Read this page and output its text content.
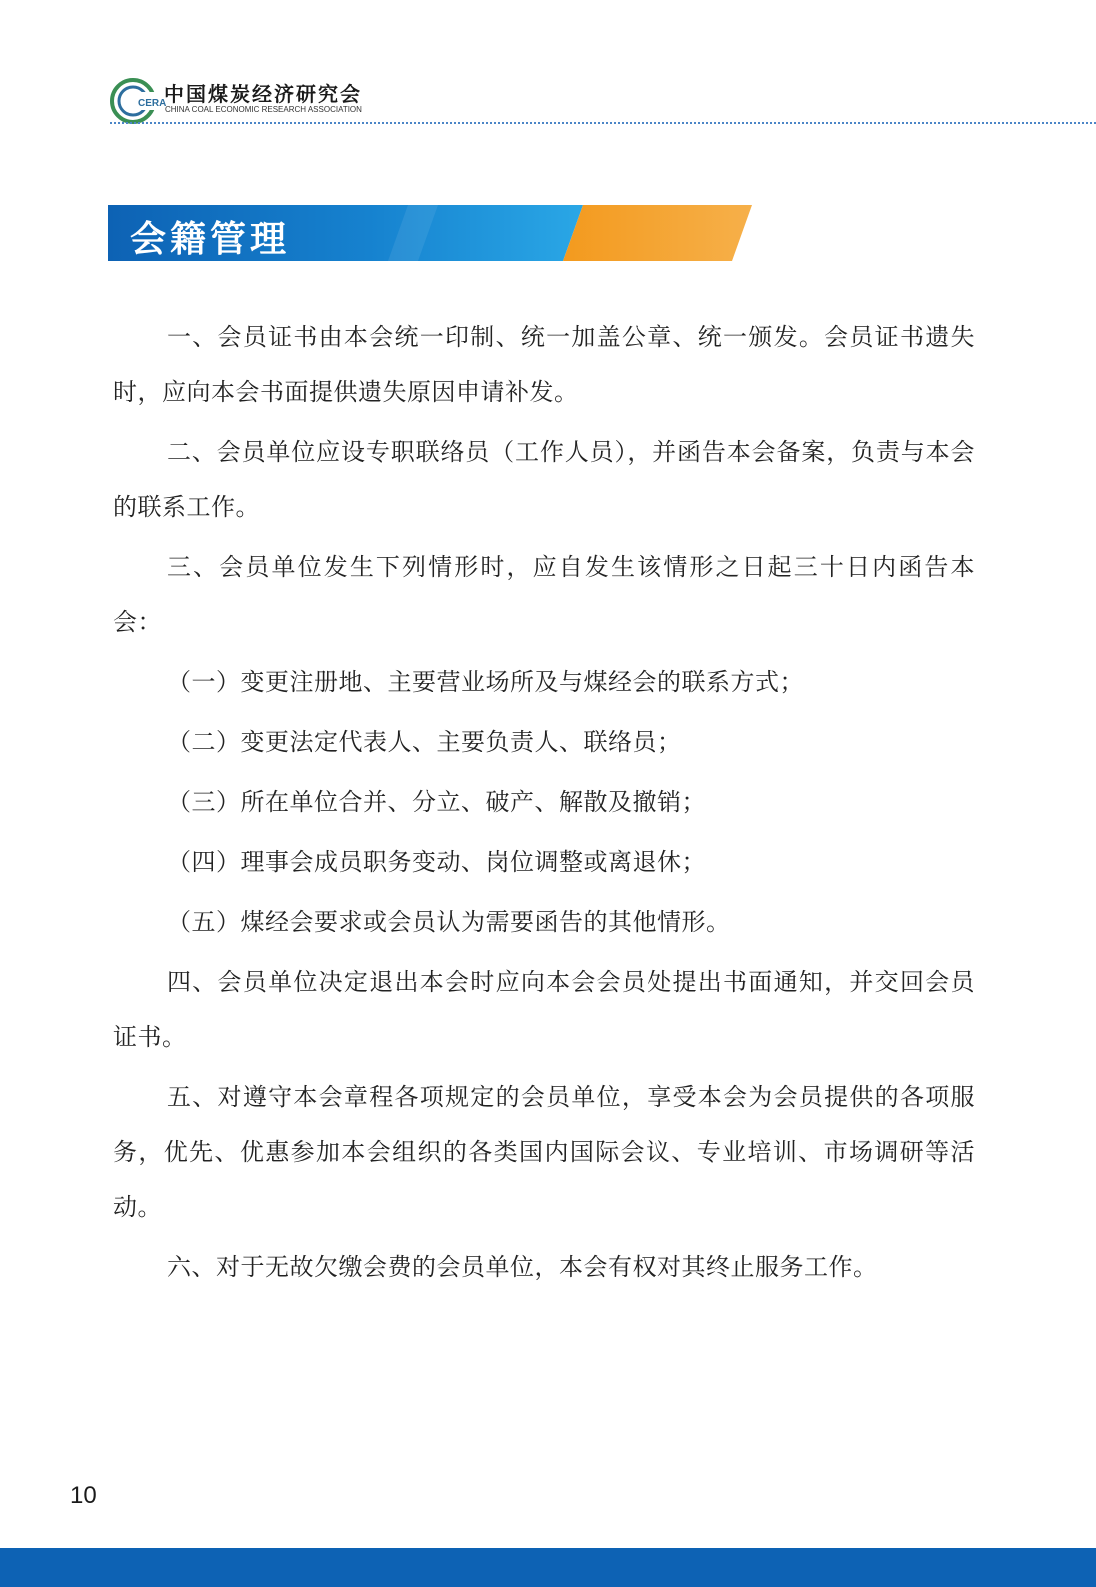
CERA
中国煤炭经济研究会
CHINA COAL ECONOMIC RESEARCH ASSOCIATION
会籍管理

一、会员证书由本会统一印制、统一加盖公章、统一颁发。会员证书遗失时，应向本会书面提供遗失原因申请补发。

二、会员单位应设专职联络员（工作人员），并函告本会备案，负责与本会的联系工作。

三、会员单位发生下列情形时，应自发生该情形之日起三十日内函告本会：

（一）变更注册地、主要营业场所及与煤经会的联系方式；

（二）变更法定代表人、主要负责人、联络员；

（三）所在单位合并、分立、破产、解散及撤销；

（四）理事会成员职务变动、岗位调整或离退休；

（五）煤经会要求或会员认为需要函告的其他情形。

四、会员单位决定退出本会时应向本会会员处提出书面通知，并交回会员证书。

五、对遵守本会章程各项规定的会员单位，享受本会为会员提供的各项服务，优先、优惠参加本会组织的各类国内国际会议、专业培训、市场调研等活动。

六、对于无故欠缴会费的会员单位，本会有权对其终止服务工作。

10
